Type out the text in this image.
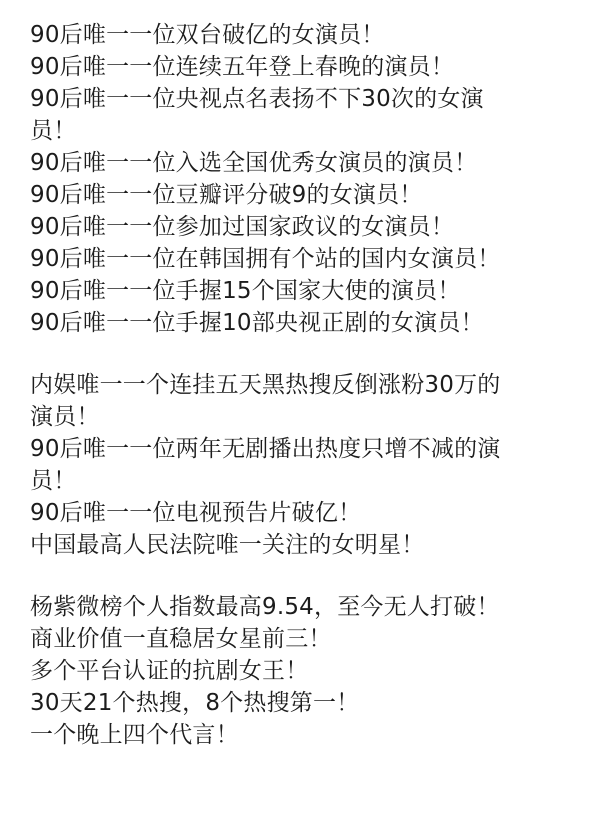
90后唯一一位双台破亿的女演员！
90后唯一一位连续五年登上春晚的演员！
90后唯一一位央视点名表扬不下30次的女演
员！
90后唯一一位入选全国优秀女演员的演员！
90后唯一一位豆瓣评分破9的女演员！
90后唯一一位参加过国家政议的女演员！
90后唯一一位在韩国拥有个站的国内女演员！
90后唯一一位手握15个国家大使的演员！
90后唯一一位手握10部央视正剧的女演员！
内娱唯一一个连挂五天黑热搜反倒涨粉30万的
演员！
90后唯一一位两年无剧播出热度只增不减的演
员！
90后唯一一位电视预告片破亿！
中国最高人民法院唯一关注的女明星！
杨紫微榜个人指数最高9.54，至今无人打破！
商业价值一直稳居女星前三！
多个平台认证的抗剧女王！
30天21个热搜，8个热搜第一！
一个晚上四个代言！
